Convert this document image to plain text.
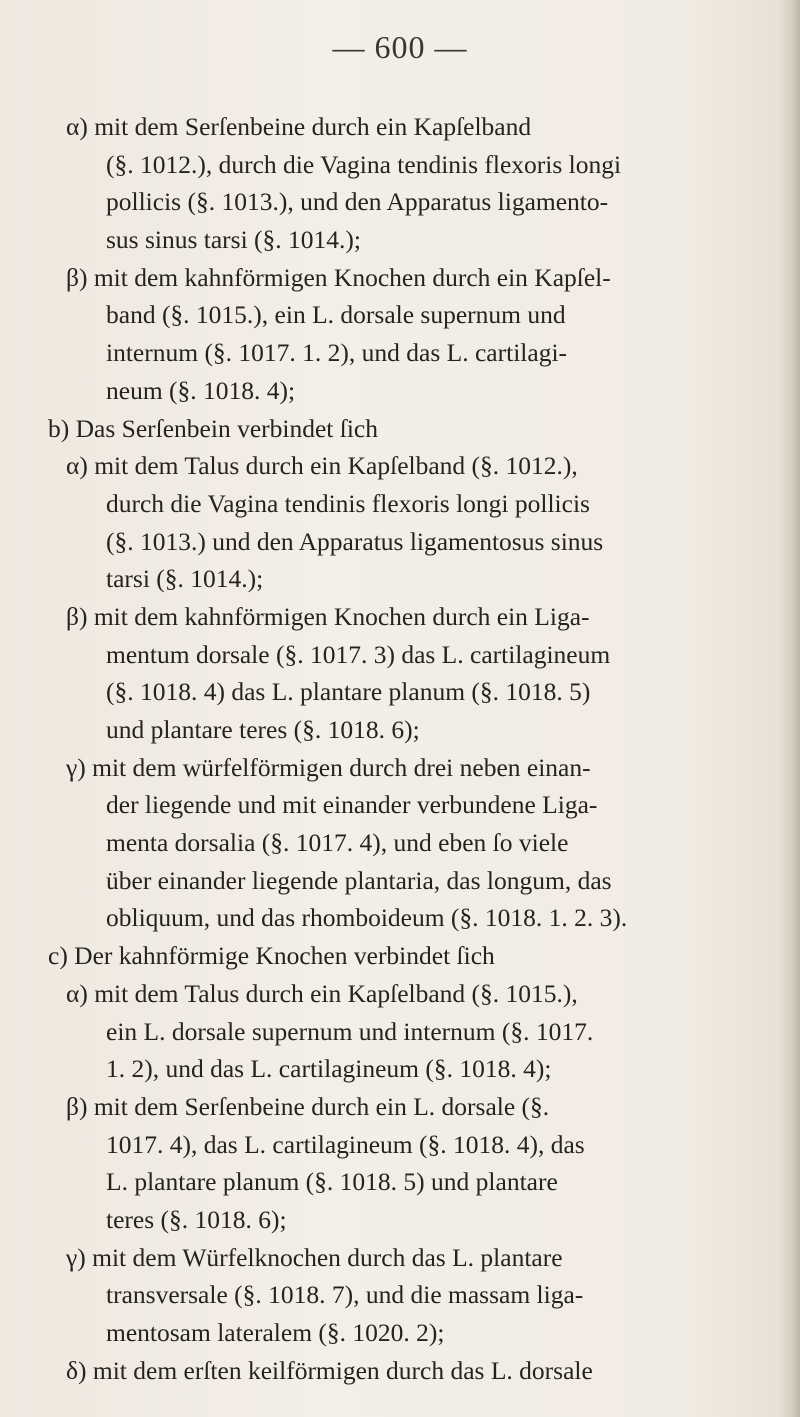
— 600 —
α) mit dem Serſenbeine durch ein Kapſelband
(§. 1012.), durch die Vagina tendinis flexoris longi
pollicis (§. 1013.), und den Apparatus ligamento-
sus sinus tarsi (§. 1014.);
β) mit dem kahnförmigen Knochen durch ein Kapſel-
band (§. 1015.), ein L. dorsale supernum und
internum (§. 1017. 1. 2), und das L. cartilagi-
neum (§. 1018. 4);
b) Das Serſenbein verbindet ſich
α) mit dem Talus durch ein Kapſelband (§. 1012.),
durch die Vagina tendinis flexoris longi pollicis
(§. 1013.) und den Apparatus ligamentosus sinus
tarsi (§. 1014.);
β) mit dem kahnförmigen Knochen durch ein Liga-
mentum dorsale (§. 1017. 3) das L. cartilagineum
(§. 1018. 4) das L. plantare planum (§. 1018. 5)
und plantare teres (§. 1018. 6);
γ) mit dem würfelförmigen durch drei neben einan-
der liegende und mit einander verbundene Liga-
menta dorsalia (§. 1017. 4), und eben ſo viele
über einander liegende plantaria, das longum, das
obliquum, und das rhomboideum (§. 1018. 1. 2. 3).
c) Der kahnförmige Knochen verbindet ſich
α) mit dem Talus durch ein Kapſelband (§. 1015.),
ein L. dorsale supernum und internum (§. 1017.
1. 2), und das L. cartilagineum (§. 1018. 4);
β) mit dem Serſenbeine durch ein L. dorsale (§.
1017. 4), das L. cartilagineum (§. 1018. 4), das
L. plantare planum (§. 1018. 5) und plantare
teres (§. 1018. 6);
γ) mit dem Würfelknochen durch das L. plantare
transversale (§. 1018. 7), und die massam liga-
mentosam lateralem (§. 1020. 2);
δ) mit dem erſten keilförmigen durch das L. dorsale
